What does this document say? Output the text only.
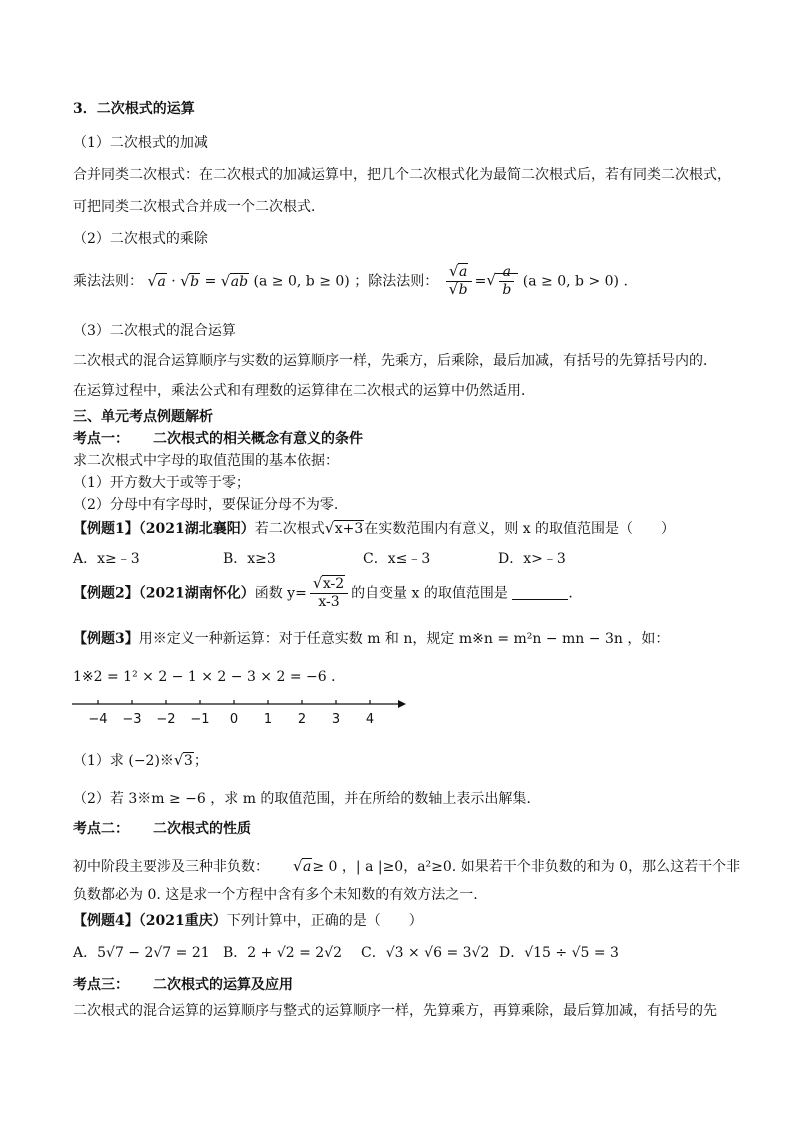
3．二次根式的运算
（1）二次根式的加减
合并同类二次根式：在二次根式的加减运算中，把几个二次根式化为最简二次根式后，若有同类二次根式，
可把同类二次根式合并成一个二次根式．
（2）二次根式的乘除
乘法法则： √ a · √ b = √ ab (a ≥ 0, b ≥ 0) ；除法法则： √ a
√ b = √ $\frac{a}{b} (a \ge 0$, b > 0) .
（3）二次根式的混合运算
二次根式的混合运算顺序与实数的运算顺序一样，先乘方，后乘除，最后加减，有括号的先算括号内的．
在运算过程中，乘法公式和有理数的运算律在二次根式的运算中仍然适用．
三、单元考点例题解析
考点一： 二次根式的相关概念有意义的条件
求二次根式中字母的取值范围的基本依据：
（1）开方数大于或等于零；
（2）分母中有字母时，要保证分母不为零.
【例题1】（2021湖北襄阳）若二次根式 √ x+3在实数范围内有意义，则 x 的取值范围是（　　）
A．x≥﹣3	B．x≥3	C．x≤﹣3	D．x>﹣3
【例题2】（2021湖南怀化）函数 y= √ $\frac{x-2}{x-3}$ 的自变量 x 的取值范围是	.
【例题3】用※定义一种新运算：对于任意实数 m 和 n，规定 m※n = m²n − mn − 3n ，如：
1※2 = 1² × 2 − 1 × 2 − 3 × 2 = −6 ．
−4 −3 −2 −1 0 1 2 3 4
（1）求 (−2)※ √ 3；
（2）若 3※m ≥ −6 ，求 m 的取值范围，并在所给的数轴上表示出解集.
考点二： 二次根式的性质
初中阶段主要涉及三种非负数： √ a≥ 0 ，| a |≥0，a²≥0. 如果若干个非负数的和为 0，那么这若干个非
负数都必为 0. 这是求一个方程中含有多个未知数的有效方法之一.
【例题4】（2021重庆）下列计算中，正确的是（　　）
A．5√7 − 2√7 = 21 B．2 + √2 = 2√2 C．√3 × √6 = 3√2 D．√15 ÷ √5 = 3
考点三： 二次根式的运算及应用
二次根式的混合运算的运算顺序与整式的运算顺序一样，先算乘方，再算乘除，最后算加减，有括号的先
